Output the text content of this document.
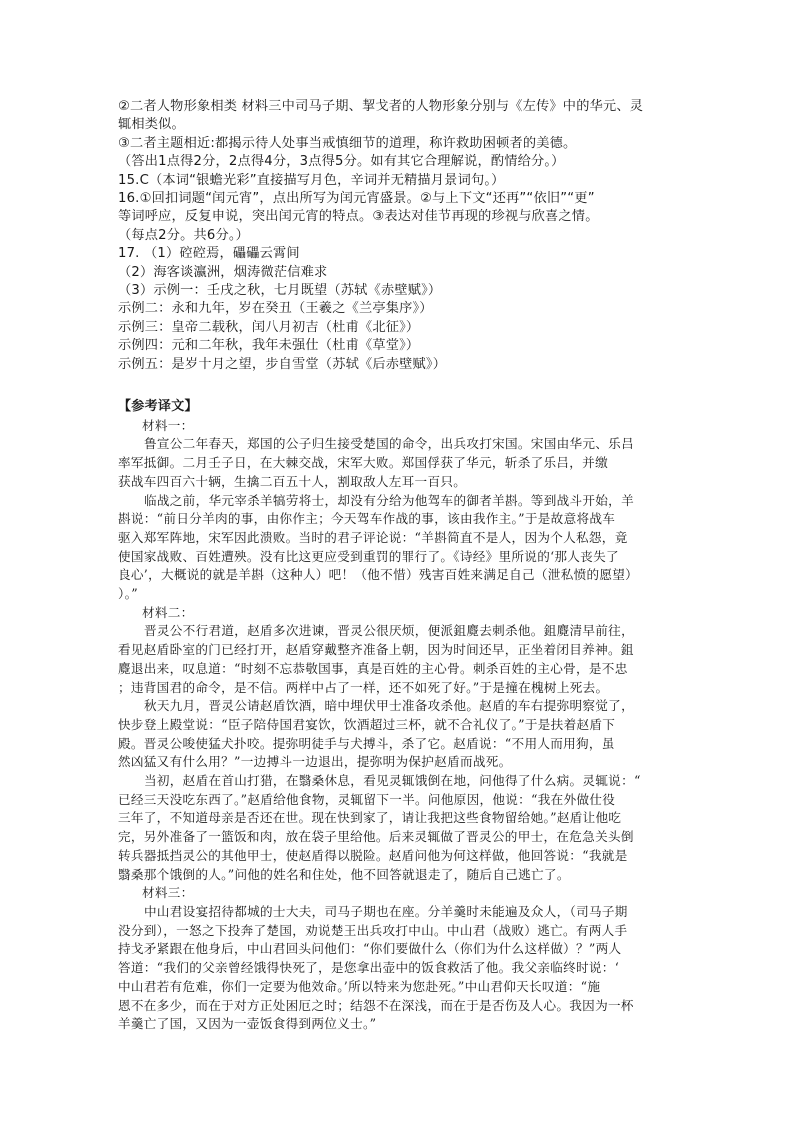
②二者人物形象相类 材料三中司马子期、挈戈者的人物形象分别与《左传》中的华元、灵

辄相类似。

③二者主题相近:都揭示待人处事当戒慎细节的道理，称许救助困顿者的美德。

（答出1点得2分，2点得4分，3点得5分。如有其它合理解说，酌情给分。）

15.C（本词“银蟾光彩”直接描写月色，辛词并无精描月景词句。）

16.①回扣词题“闰元宵”，点出所写为闰元宵盛景。②与上下文“还再”“依旧”“更”

等词呼应，反复申说，突出闰元宵的特点。③表达对佳节再现的珍视与欣喜之情。

（每点2分。共6分。）

17. （1）硿硿焉，礧礧云霄间

（2）海客谈瀛洲，烟涛微茫信难求

（3）示例一：壬戌之秋，七月既望（苏轼《赤壁赋》）

示例二：永和九年，岁在癸丑（王羲之《兰亭集序》）

示例三：皇帝二载秋，闰八月初吉（杜甫《北征》）

示例四：元和二年秋，我年未强仕（杜甫《草堂》）

示例五：是岁十月之望，步自雪堂（苏轼《后赤壁赋》）

【参考译文】

材料一：

鲁宣公二年春天，郑国的公子归生接受楚国的命令，出兵攻打宋国。宋国由华元、乐吕

率军抵御。二月壬子日，在大棘交战，宋军大败。郑国俘获了华元，斩杀了乐吕，并缴

获战车四百六十辆，生擒二百五十人，割取敌人左耳一百只。

临战之前，华元宰杀羊犒劳将士，却没有分给为他驾车的御者羊斟。等到战斗开始，羊

斟说：“前日分羊肉的事，由你作主；今天驾车作战的事，该由我作主。”于是故意将战车

驱入郑军阵地，宋军因此溃败。当时的君子评论说：“羊斟简直不是人，因为个人私怨，竟

使国家战败、百姓遭殃。没有比这更应受到重罚的罪行了。《诗经》里所说的‘那人丧失了

良心’，大概说的就是羊斟（这种人）吧！（他不惜）残害百姓来满足自己（泄私愤的愿望）

）。”

材料二：

晋灵公不行君道，赵盾多次进谏，晋灵公很厌烦，便派鉏麑去刺杀他。鉏麑清早前往，

看见赵盾卧室的门已经打开，赵盾穿戴整齐准备上朝，因为时间还早，正坐着闭目养神。鉏

麑退出来，叹息道：“时刻不忘恭敬国事，真是百姓的主心骨。刺杀百姓的主心骨，是不忠

；违背国君的命令，是不信。两样中占了一样，还不如死了好。”于是撞在槐树上死去。

秋天九月，晋灵公请赵盾饮酒，暗中埋伏甲士准备攻杀他。赵盾的车右提弥明察觉了，

快步登上殿堂说：“臣子陪侍国君宴饮，饮酒超过三杯，就不合礼仪了。”于是扶着赵盾下

殿。晋灵公唆使猛犬扑咬。提弥明徒手与犬搏斗，杀了它。赵盾说：“不用人而用狗，虽

然凶猛又有什么用？”一边搏斗一边退出，提弥明为保护赵盾而战死。

当初，赵盾在首山打猎，在翳桑休息，看见灵辄饿倒在地，问他得了什么病。灵辄说：“

已经三天没吃东西了。”赵盾给他食物，灵辄留下一半。问他原因，他说：“我在外做仕役

三年了，不知道母亲是否还在世。现在快到家了，请让我把这些食物留给她。”赵盾让他吃

完，另外准备了一篮饭和肉，放在袋子里给他。后来灵辄做了晋灵公的甲士，在危急关头倒

转兵器抵挡灵公的其他甲士，使赵盾得以脱险。赵盾问他为何这样做，他回答说：“我就是

翳桑那个饿倒的人。”问他的姓名和住处，他不回答就退走了，随后自己逃亡了。

材料三：

中山君设宴招待都城的士大夫，司马子期也在座。分羊羹时未能遍及众人，（司马子期

没分到），一怒之下投奔了楚国，劝说楚王出兵攻打中山。中山君（战败）逃亡。有两人手

持戈矛紧跟在他身后，中山君回头问他们：“你们要做什么（你们为什么这样做）？”两人

答道：“我们的父亲曾经饿得快死了，是您拿出壶中的饭食救活了他。我父亲临终时说：‘

中山君若有危难，你们一定要为他效命。’所以特来为您赴死。”中山君仰天长叹道：“施

恩不在多少，而在于对方正处困厄之时；结怨不在深浅，而在于是否伤及人心。我因为一杯

羊羹亡了国，又因为一壶饭食得到两位义士。”
